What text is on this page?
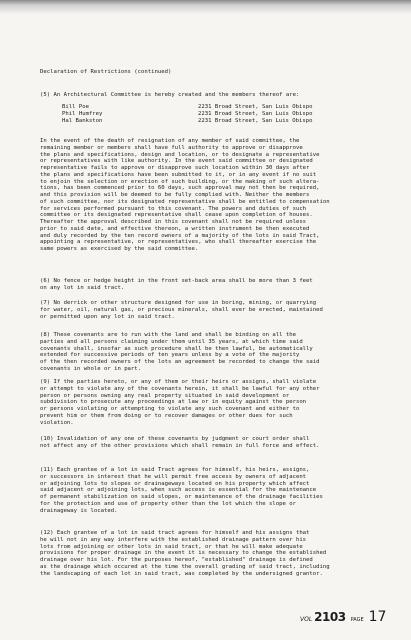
Declaration of Restrictions (continued)
(5) An Architectural Committee is hereby created and the members thereof are:
Bill Poe	2231 Broad Street, San Luis Obispo
Phil Humfrey	2231 Broad Street, San Luis Obispo
Hal Bankston	2231 Broad Street, San Luis Obispo
In the event of the death of resignation of any member of said committee, the
remaining member or members shall have full authority to approve or disapprove
the plans and specifications, design and location, or to designate a representative
or representatives with like authority. In the event said committee or designated
representative fails to approve or disapprove such location within 30 days after
the plans and specifications have been submitted to it, or in any event if no suit
to enjoin the selection or erection of such building, or the making of such altera-
tions, has been commenced prior to 60 days, such approval may not then be required,
and this provision will be deemed to be fully complied with. Neither the members
of such committee, nor its designated representative shall be entitled to compensation
for services performed pursuant to this covenant. The powers and duties of such
committee or its designated representative shall cease upon completion of houses.
Thereafter the approval described in this covenant shall not be required unless
prior to said date, and effective thereon, a written instrument be then executed
and duly recorded by the ten record owners of a majority of the lots in said Tract,
appointing a representative, or representatives, who shall thereafter exercise the
same powers as exercised by the said committee.
(6) No fence or hedge height in the front set-back area shall be more than 3 feet
on any lot in said tract.
(7) No derrick or other structure designed for use in boring, mining, or quarrying
for water, oil, natural gas, or precious minerals, shall ever be erected, maintained
or permitted upon any lot in said tract.
(8) These covenants are to run with the land and shall be binding on all the
parties and all persons claiming under them until 35 years, at which time said
covenants shall, insofar as such procedure shall be then lawful, be automatically
extended for successive periods of ten years unless by a vote of the majority
of the then recorded owners of the lots an agreement be recorded to change the said
covenants in whole or in part.
(9) If the parties hereto, or any of them or their heirs or assigns, shall violate
or attempt to violate any of the covenants herein, it shall be lawful for any other
person or persons owning any real property situated in said development or
subdivision to prosecute any proceedings at law or in equity against the person
or persons violating or attempting to violate any such covenant and either to
prevent him or them from doing or to recover damages or other dues for such
violation.
(10) Invalidation of any one of these covenants by judgment or court order shall
not affect any of the other provisions which shall remain in full force and effect.
(11) Each grantee of a lot in said Tract agrees for himself, his heirs, assigns,
or successors in interest that he will permit free access by owners of adjacent
or adjoining lots to slopes or drainageways located on his property which affect
said adjacent or adjoining lots, when such access is essential for the maintenance
of permanent stabilization on said slopes, or maintenance of the drainage facilities
for the protection and use of property other than the lot which the slope or
drainageway is located.
(12) Each grantee of a lot in said tract agrees for himself and his assigns that
he will not in any way interfere with the established drainage pattern over his
lots from adjoining or other lots in said tract, or that he will make adequate
provisions for proper drainage in the event it is necessary to change the established
drainage over his lot. For the purposes hereof, "established" drainage is defined
as the drainage which occured at the time the overall grading of said tract, including
the landscaping of each lot in said tract, was completed by the undersigned grantor.
VOL 2103 PAGE 17
